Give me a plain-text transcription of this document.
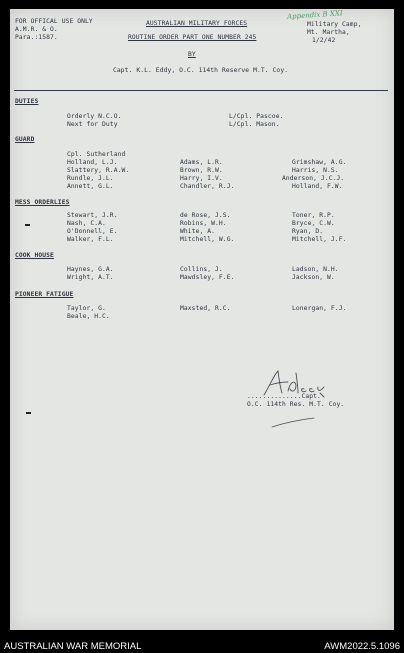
FOR OFFICAL USE ONLY
A.M.R. & O.
Para.:1587.
AUSTRALIAN MILITARY FORCES
ROUTINE ORDER PART ONE NUMBER 245
BY
Capt. K.L. Eddy, O.C. 114th Reserve M.T. Coy.
Appendix B XXI
Military Camp,
Mt. Martha,
1/2/42
DUTIES
Orderly N.C.O.
Next for Duty
L/Cpl. Pascoe.
L/Cpl. Mason.
GUARD
Cpl. Sutherland
Holland, L.J.
Slattery, R.A.W.
Rundle, J.L.
Annett, G.L.
Adams, L.R.
Brown, R.W.
Harry, I.V.
Chandler, R.J.
Grimshaw, A.G.
Harris, N.S.
Anderson, J.C.J.
Holland, F.W.
MESS ORDERLIES
Stewart, J.R.
Nash, C.A.
O'Donnell, E.
Walker, F.L.
de Rose, J.S.
Robins, W.H.
White, A.
Mitchell, W.G.
Toner, R.P.
Bryce, C.W.
Ryan, D.
Mitchell, J.F.
COOK HOUSE
Haynes, G.A.
Wright, A.T.
Collins, J.
Mawdsley, F.E.
Ladson, N.H.
Jackson, W.
PIONEER FATIGUE
Taylor, G.
Beale, H.C.
Maxsted, R.C.	Lonergan, F.J.
..............Capt.
O.C. 114th Res. M.T. Coy.
AUSTRALIAN WAR MEMORIAL	AWM2022.5.1096
